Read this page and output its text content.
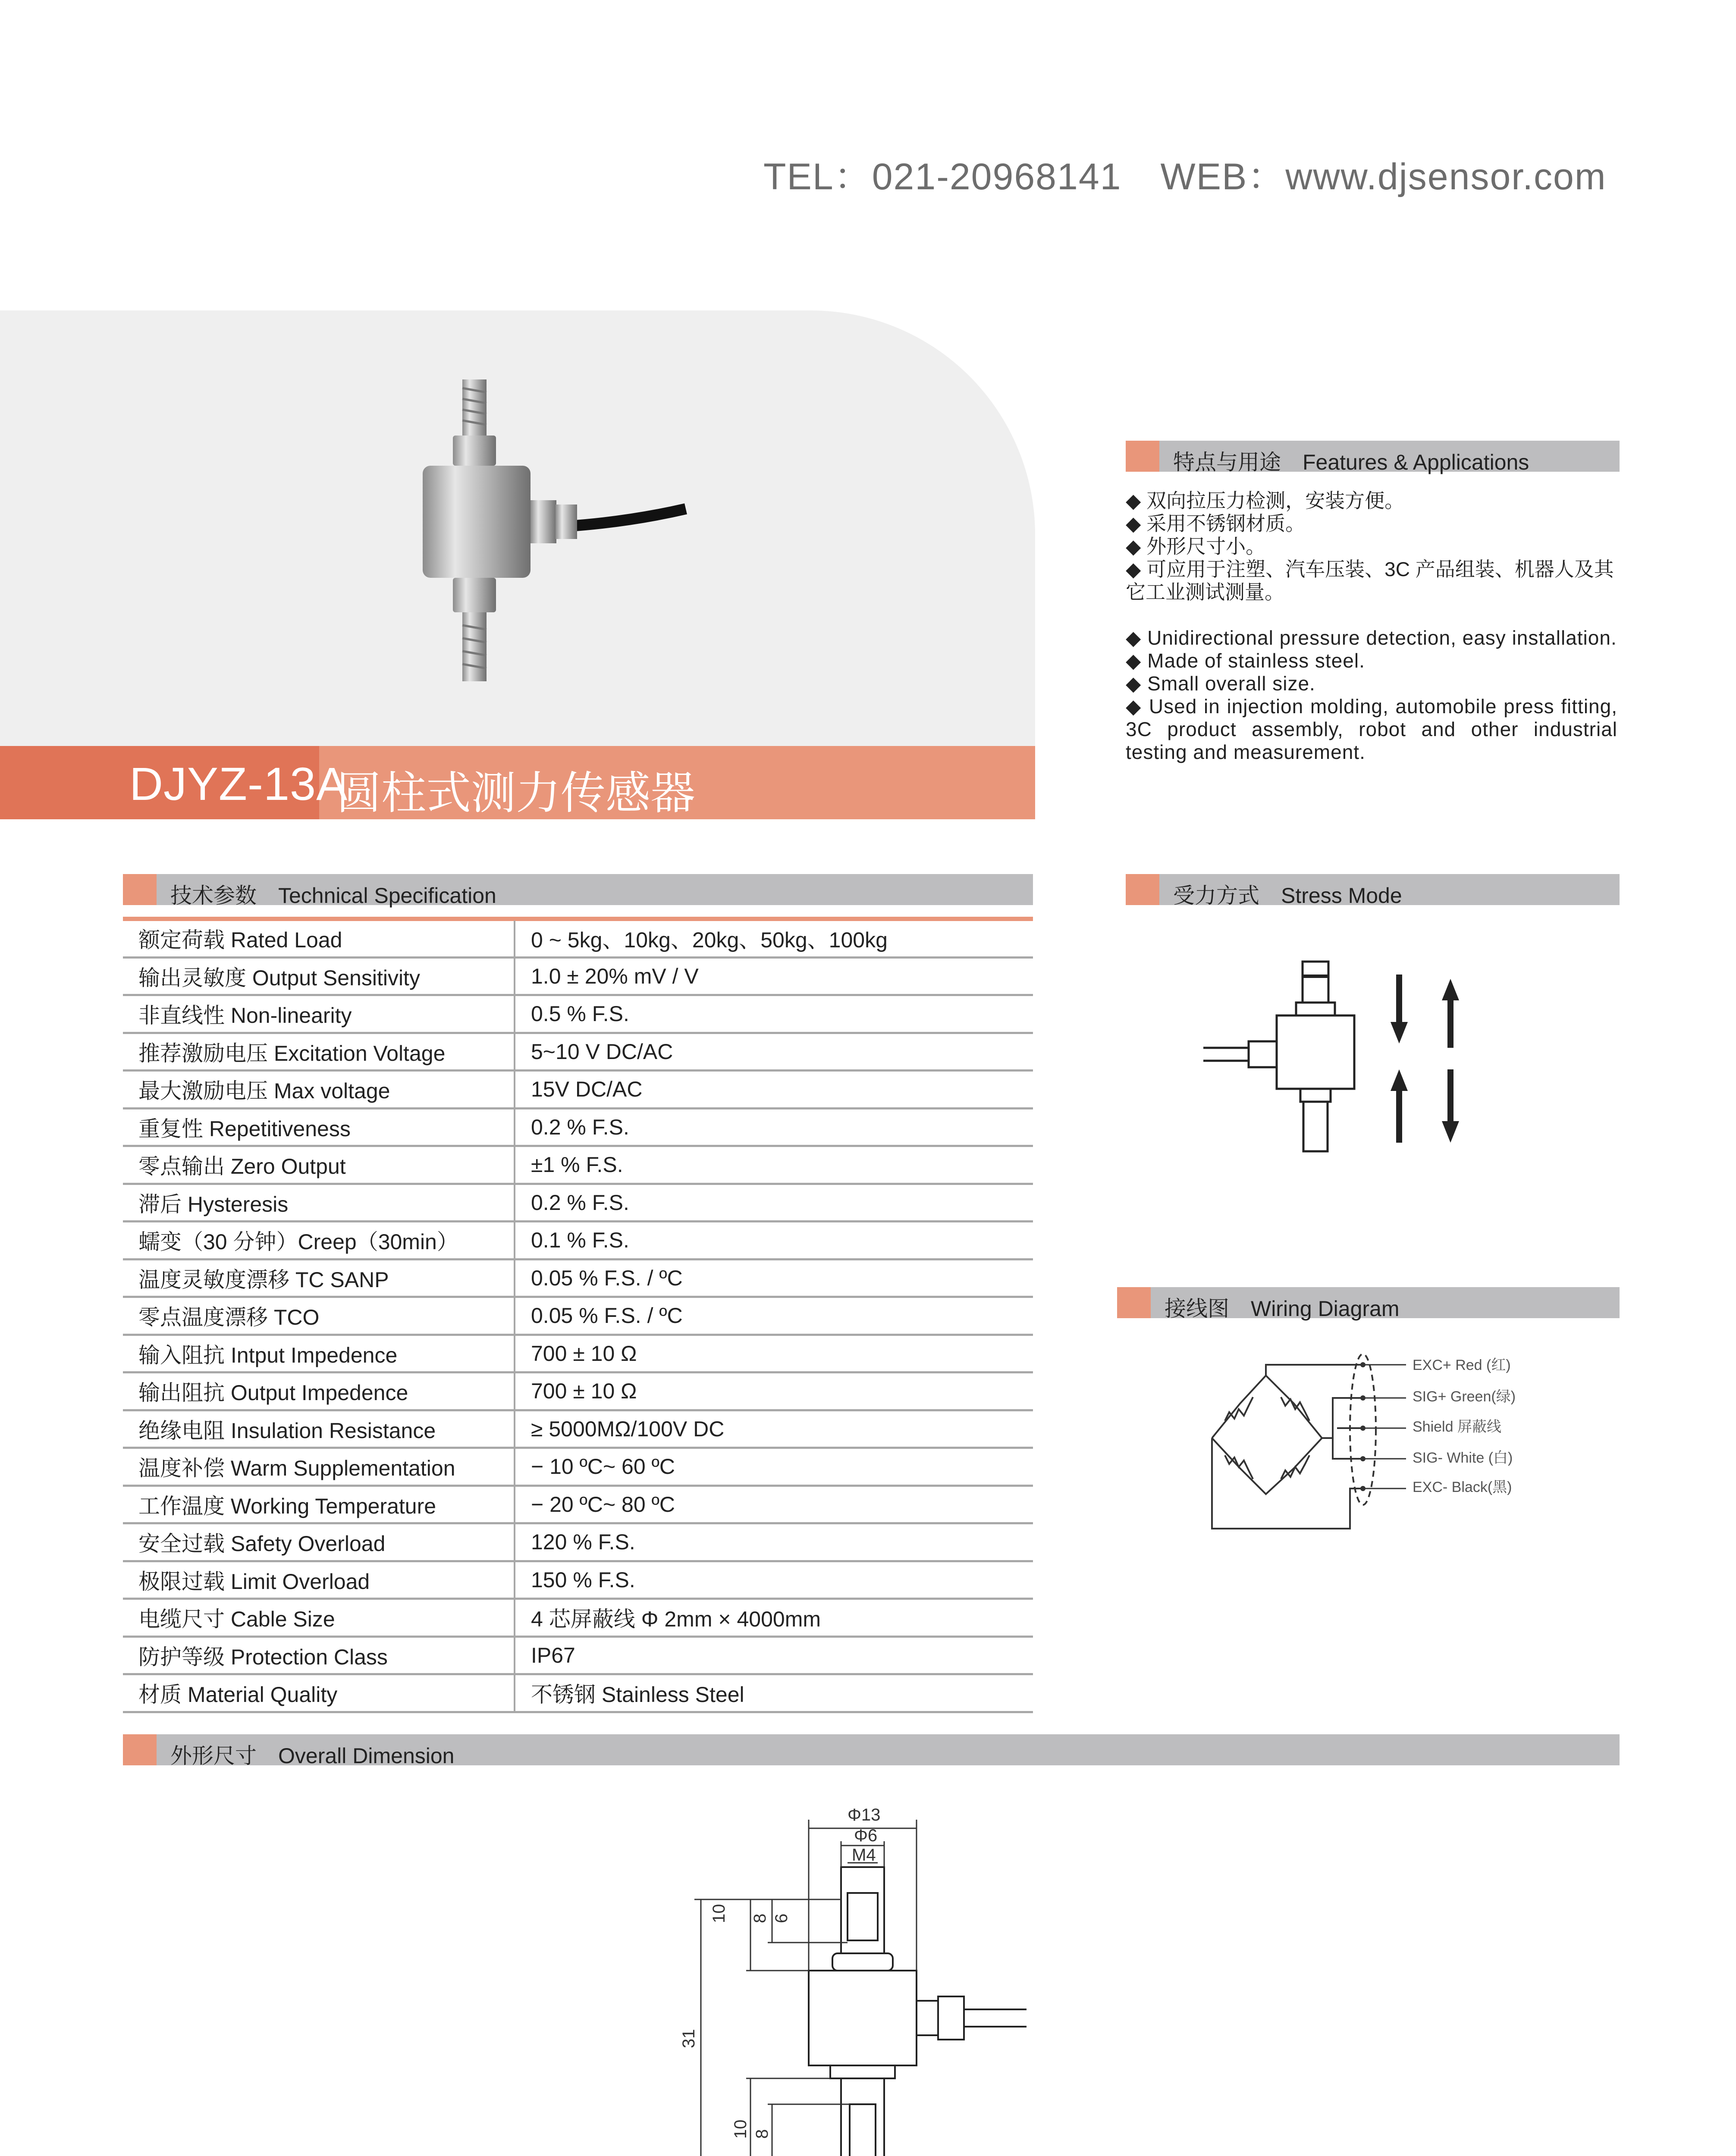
TEL：021-20968141 WEB：www.djsensor.com
DJYZ-13A
圆柱式测力传感器
特点与用途 Features & Applications

◆ 双向拉压力检测，安装方便。

◆ 采用不锈钢材质。

◆ 外形尺寸小。

◆ 可应用于注塑、汽车压装、3C 产品组装、机器人及其它工业测试测量。

◆ Unidirectional pressure detection, easy installation.

◆ Made of stainless steel.

◆ Small overall size.

◆ Used in injection molding, automobile press fitting, 3C product assembly, robot and other industrial testing and measurement.

技术参数 Technical Specification
额定荷载 Rated Load	0 ~ 5kg、10kg、20kg、50kg、100kg
输出灵敏度 Output Sensitivity	1.0 ± 20% mV / V
非直线性 Non-linearity	0.5 % F.S.
推荐激励电压 Excitation Voltage	5~10 V DC/AC
最大激励电压 Max voltage	15V DC/AC
重复性 Repetitiveness	0.2 % F.S.
零点输出 Zero Output	±1 % F.S.
滞后 Hysteresis	0.2 % F.S.
蠕变（30 分钟）Creep（30min）	0.1 % F.S.
温度灵敏度漂移 TC SANP	0.05 % F.S. / ºC
零点温度漂移 TCO	0.05 % F.S. / ºC
输入阻抗 Intput Impedence	700 ± 10 Ω
输出阻抗 Output Impedence	700 ± 10 Ω
绝缘电阻 Insulation Resistance	≥ 5000MΩ/100V DC
温度补偿 Warm Supplementation	− 10 ºC~ 60 ºC
工作温度 Working Temperature	− 20 ºC~ 80 ºC
安全过载 Safety Overload	120 % F.S.
极限过载 Limit Overload	150 % F.S.
电缆尺寸 Cable Size	4 芯屏蔽线 Φ 2mm × 4000mm
防护等级 Protection Class	IP67
材质 Material Quality	不锈钢 Stainless Steel
受力方式 Stress Mode
接线图 Wiring Diagram
EXC+ Red (红)
SIG+ Green(绿)
Shield 屏蔽线
SIG- White (白)
EXC- Black(黑)
外形尺寸 Overall Dimension
Φ13
Φ6
M4
10 8 6
31
10 8
